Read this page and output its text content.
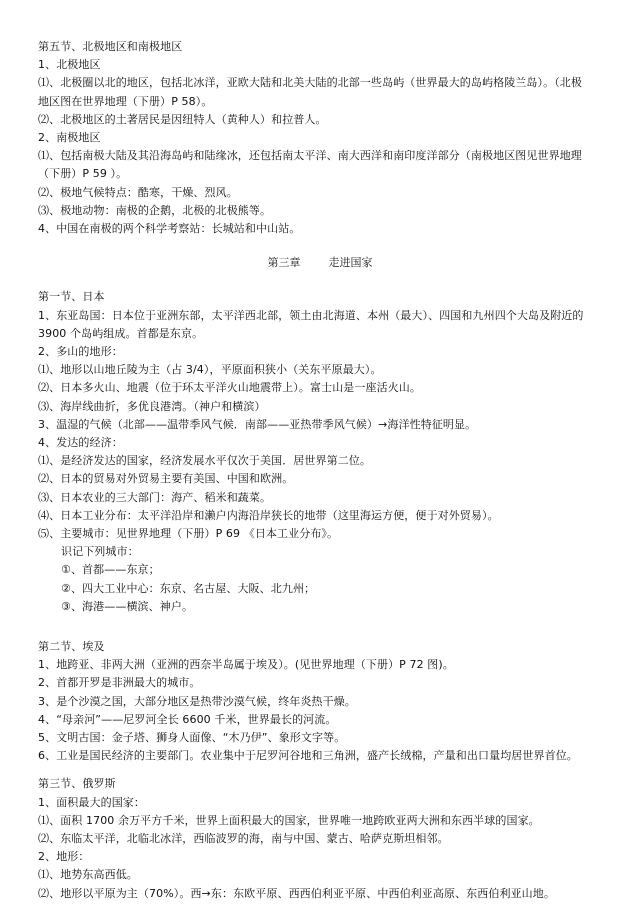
第五节、北极地区和南极地区
1、北极地区
⑴、北极圈以北的地区，包括北冰洋，亚欧大陆和北美大陆的北部一些岛屿（世界最大的岛屿格陵兰岛）。（北极
地区图在世界地理（下册）P 58）。
⑵、北极地区的土著居民是因纽特人（黄种人）和拉普人。
2、南极地区
⑴、包括南极大陆及其沿海岛屿和陆缘冰，还包括南太平洋、南大西洋和南印度洋部分（南极地区图见世界地理
（下册）P 59 ）。
⑵、极地气候特点：酷寒，干燥、烈风。
⑶、极地动物：南极的企鹅，北极的北极熊等。
4、中国在南极的两个科学考察站：长城站和中山站。
第三章        走进国家
第一节、日本
1、东亚岛国：日本位于亚洲东部，太平洋西北部，领土由北海道、本州（最大）、四国和九州四个大岛及附近的
3900 个岛屿组成。首都是东京。
2、多山的地形：
⑴、地形以山地丘陵为主（占 3/4），平原面积狭小（关东平原最大）。
⑵、日本多火山、地震（位于环太平洋火山地震带上）。富士山是一座活火山。
⑶、海岸线曲折，多优良港湾。（神户和横滨）
3、温湿的气候（北部——温带季风气候．南部——亚热带季风气候）→海洋性特征明显。
4、发达的经济：
⑴、是经济发达的国家，经济发展水平仅次于美国．居世界第二位。
⑵、日本的贸易对外贸易主要有美国、中国和欧洲。
⑶、日本农业的三大部门：海产、稻米和蔬菜。
⑷、日本工业分布：太平洋沿岸和濑户内海沿岸狭长的地带（这里海运方便，便于对外贸易）。
⑸、主要城市：见世界地理（下册）P 69 《日本工业分布》。
识记下列城市：
①、首都——东京；
②、四大工业中心：东京、名古屋、大阪、北九州；
③、海港——横滨、神户。
第二节、埃及
1、地跨亚、非两大洲（亚洲的西奈半岛属于埃及）。(见世界地理（下册）P 72 图)。
2、首都开罗是非洲最大的城市。
3、是个沙漠之国，大部分地区是热带沙漠气候，终年炎热干燥。
4、“母亲河”——尼罗河全长 6600 千米，世界最长的河流。
5、文明古国：金子塔、狮身人面像、“木乃伊”、象形文字等。
6、工业是国民经济的主要部门。农业集中于尼罗河谷地和三角洲，盛产长绒棉，产量和出口量均居世界首位。
第三节、俄罗斯
1、面积最大的国家：
⑴、面积 1700 余万平方千米，世界上面积最大的国家，世界唯一地跨欧亚两大洲和东西半球的国家。
⑵、东临太平洋，北临北冰洋，西临波罗的海，南与中国、蒙古、哈萨克斯坦相邻。
2、地形：
⑴、地势东高西低。
⑵、地形以平原为主（70%）。西→东：东欧平原、西西伯利亚平原、中西伯利亚高原、东西伯利亚山地。
